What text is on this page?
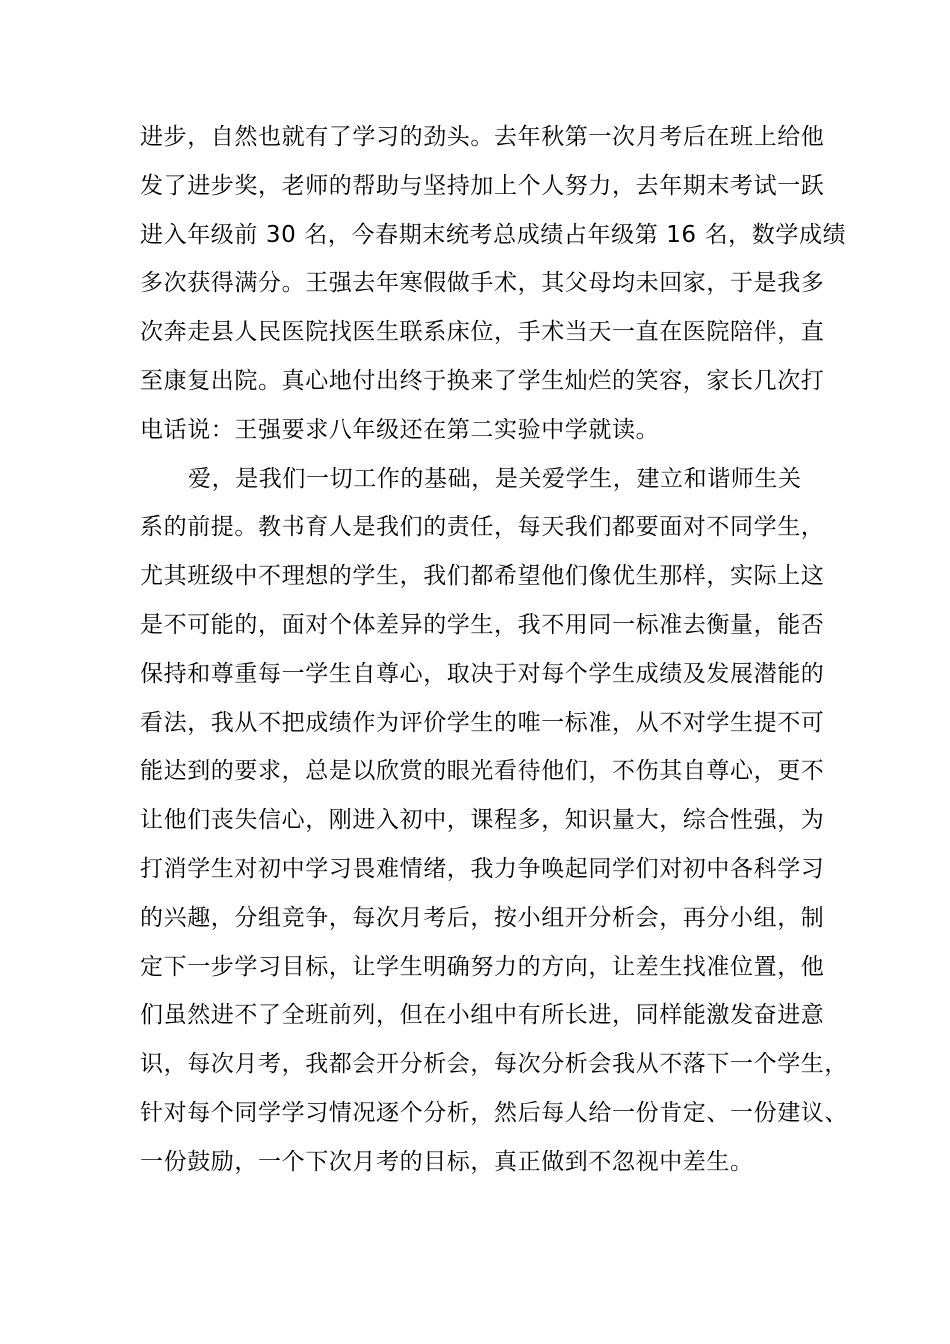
进步，自然也就有了学习的劲头。去年秋第一次月考后在班上给他
发了进步奖，老师的帮助与坚持加上个人努力，去年期末考试一跃
进入年级前 30 名，今春期末统考总成绩占年级第 16 名，数学成绩
多次获得满分。王强去年寒假做手术，其父母均未回家，于是我多
次奔走县人民医院找医生联系床位，手术当天一直在医院陪伴，直
至康复出院。真心地付出终于换来了学生灿烂的笑容，家长几次打
电话说：王强要求八年级还在第二实验中学就读。
爱，是我们一切工作的基础，是关爱学生，建立和谐师生关
系的前提。教书育人是我们的责任，每天我们都要面对不同学生，
尤其班级中不理想的学生，我们都希望他们像优生那样，实际上这
是不可能的，面对个体差异的学生，我不用同一标准去衡量，能否
保持和尊重每一学生自尊心，取决于对每个学生成绩及发展潜能的
看法，我从不把成绩作为评价学生的唯一标准，从不对学生提不可
能达到的要求，总是以欣赏的眼光看待他们，不伤其自尊心，更不
让他们丧失信心，刚进入初中，课程多，知识量大，综合性强，为
打消学生对初中学习畏难情绪，我力争唤起同学们对初中各科学习
的兴趣，分组竞争，每次月考后，按小组开分析会，再分小组，制
定下一步学习目标，让学生明确努力的方向，让差生找准位置，他
们虽然进不了全班前列，但在小组中有所长进，同样能激发奋进意
识，每次月考，我都会开分析会，每次分析会我从不落下一个学生，
针对每个同学学习情况逐个分析，然后每人给一份肯定、一份建议、
一份鼓励，一个下次月考的目标，真正做到不忽视中差生。
